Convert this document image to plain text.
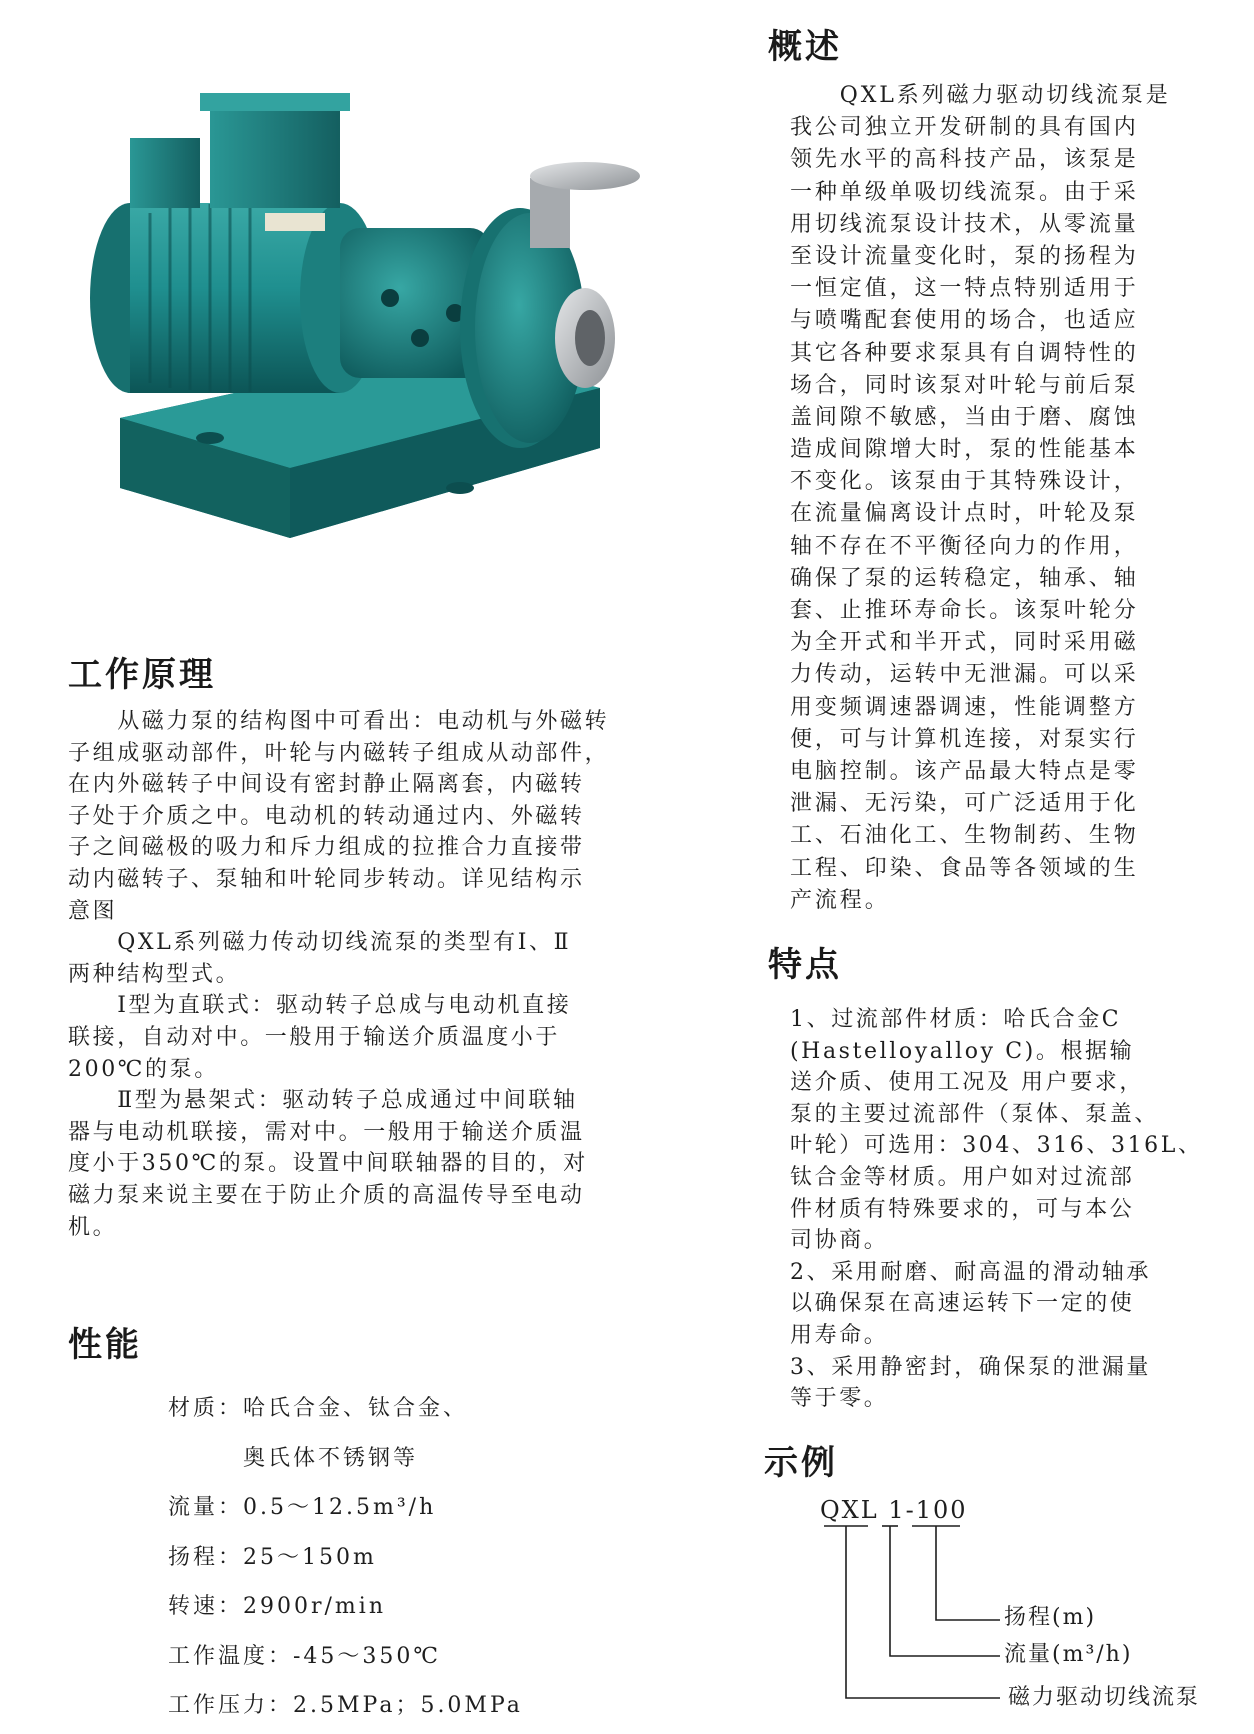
概述
　　QXL系列磁力驱动切线流泵是
我公司独立开发研制的具有国内
领先水平的高科技产品，该泵是
一种单级单吸切线流泵。由于采
用切线流泵设计技术，从零流量
至设计流量变化时，泵的扬程为
一恒定值，这一特点特别适用于
与喷嘴配套使用的场合，也适应
其它各种要求泵具有自调特性的
场合，同时该泵对叶轮与前后泵
盖间隙不敏感，当由于磨、腐蚀
造成间隙增大时，泵的性能基本
不变化。该泵由于其特殊设计，
在流量偏离设计点时，叶轮及泵
轴不存在不平衡径向力的作用，
确保了泵的运转稳定，轴承、轴
套、止推环寿命长。该泵叶轮分
为全开式和半开式，同时采用磁
力传动，运转中无泄漏。可以采
用变频调速器调速，性能调整方
便，可与计算机连接，对泵实行
电脑控制。该产品最大特点是零
泄漏、无污染，可广泛适用于化
工、石油化工、生物制药、生物
工程、印染、食品等各领域的生
产流程。
工作原理
　　从磁力泵的结构图中可看出：电动机与外磁转
子组成驱动部件，叶轮与内磁转子组成从动部件，
在内外磁转子中间设有密封静止隔离套，内磁转
子处于介质之中。电动机的转动通过内、外磁转
子之间磁极的吸力和斥力组成的拉推合力直接带
动内磁转子、泵轴和叶轮同步转动。详见结构示
意图
　　QXL系列磁力传动切线流泵的类型有Ⅰ、Ⅱ
两种结构型式。
　　Ⅰ型为直联式：驱动转子总成与电动机直接
联接，自动对中。一般用于输送介质温度小于
200℃的泵。
　　Ⅱ型为悬架式：驱动转子总成通过中间联轴
器与电动机联接，需对中。一般用于输送介质温
度小于350℃的泵。设置中间联轴器的目的，对
磁力泵来说主要在于防止介质的高温传导至电动
机。
性能
材质：哈氏合金、钛合金、
奥氏体不锈钢等
流量：0.5～12.5m³/h
扬程：25～150m
转速：2900r/min
工作温度：-45～350℃
工作压力：2.5MPa；5.0MPa
特点
1、过流部件材质：哈氏合金C
(Hastelloyalloy C)。根据输
送介质、使用工况及 用户要求，
泵的主要过流部件（泵体、泵盖、
叶轮）可选用：304、316、316L、
钛合金等材质。用户如对过流部
件材质有特殊要求的，可与本公
司协商。
2、采用耐磨、耐高温的滑动轴承
以确保泵在高速运转下一定的使
用寿命。
3、采用静密封，确保泵的泄漏量
等于零。
示例
QXL 1-100
扬程(m)
流量(m³/h)
磁力驱动切线流泵
